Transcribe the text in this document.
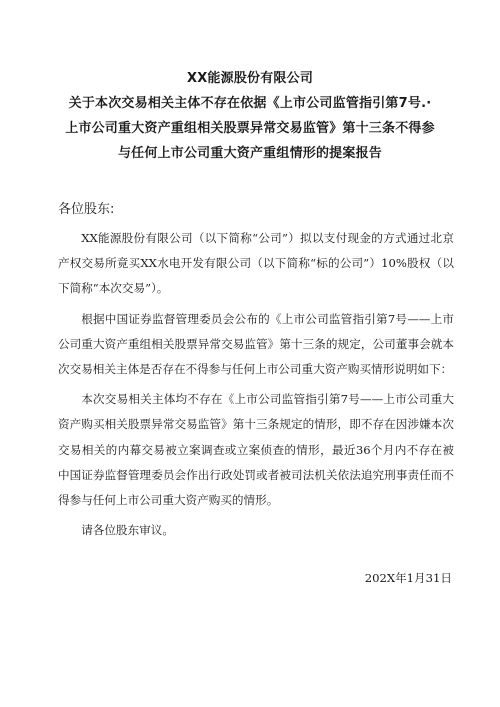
XX能源股份有限公司
关于本次交易相关主体不存在依据《上市公司监管指引第7号.·
上市公司重大资产重组相关股票异常交易监管》第十三条不得参
与任何上市公司重大资产重组情形的提案报告
各位股东:

XX能源股份有限公司（以下简称“公司”）拟以支付现金的方式通过北京产权交易所竟买XX水电开发有限公司（以下简称“标的公司”）10%股权（以下简称“本次交易”）。

根据中国证券监督管理委员会公布的《上市公司监管指引第7号——上市公司重大资产重组相关股票异常交易监管》第十三条的规定，公司董事会就本次交易相关主体是否存在不得参与任何上市公司重大资产购买情形说明如下：

本次交易相关主体均不存在《上市公司监管指引第7号——上市公司重大资产购买相关股票异常交易监管》第十三条规定的情形，即不存在因涉嫌本次交易相关的内幕交易被立案调查或立案侦查的情形，最近36个月内不存在被中国证券监督管理委员会作出行政处罚或者被司法机关依法追究刑事责任而不得参与任何上市公司重大资产购买的情形。

请各位股东审议。

202X年1月31日
